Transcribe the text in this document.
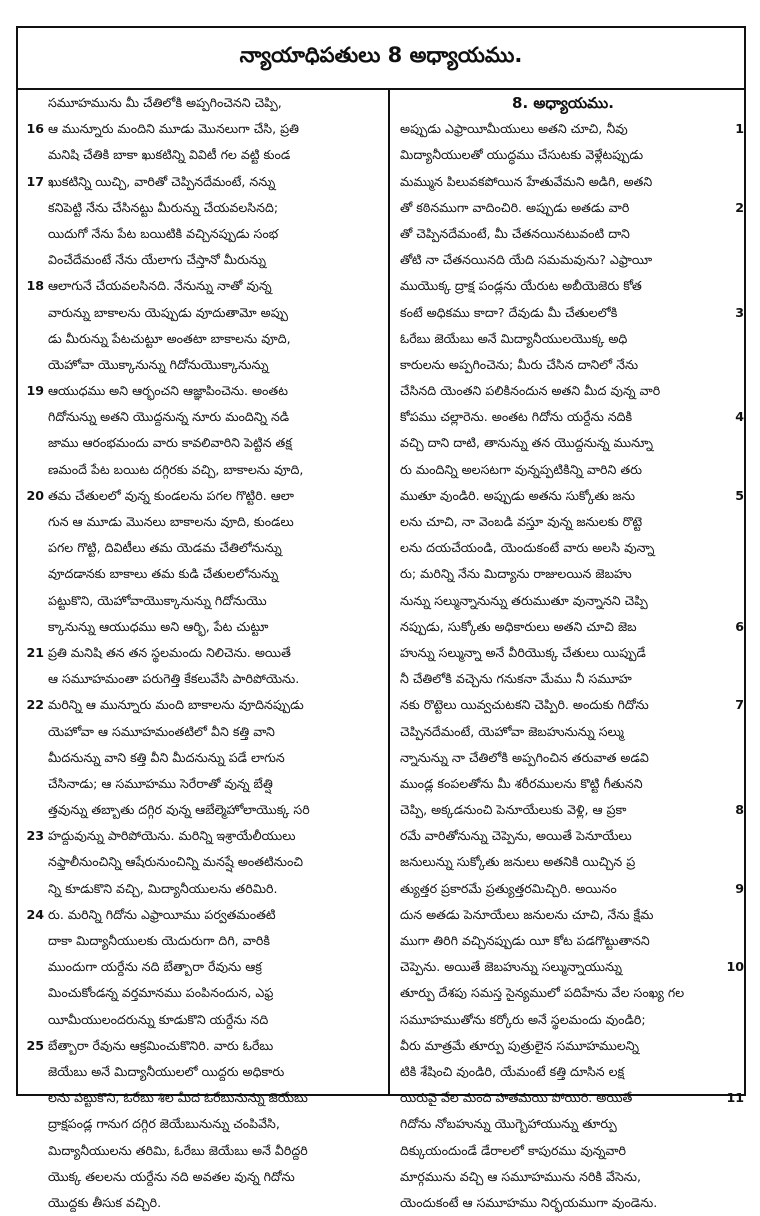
న్యాయాధిపతులు 8 అధ్యాయము.
సమూహమును మీ చేతిలోకి అప్పగించెనని చెప్పి,
16 ఆ మున్నూరు మందిని మూడు మొనలుగా చేసి, ప్రతి
మనిషి చేతికి బాకా ఖుకటిన్ని వివిటీ గల వట్టి కుండ
17 ఖుకటిన్ని యిచ్చి, వారితో చెప్పినదేమంటే, నన్ను
కనిపెట్టి నేను చేసినట్టు మీరున్ను చేయవలసినది;
యిదుగో నేను పేట బయిటికి వచ్చినప్పుడు సంభ
వించేదేమంటే నేను యేలాగు చేస్తానో మీరున్ను
18 ఆలాగునే చేయవలసినది. నేనున్ను నాతో వున్న
వారున్ను బాకాలను యెప్పుడు వూదుతామో అప్పు
డు మీరున్ను పేటచుట్టూ అంతటా బాకాలను వూది,
యెహోవా యొక్కానున్ను గిదోనుయొక్కానున్ను
19 ఆయుధము అని ఆర్భంచని ఆజ్ఞాపించెను. అంతట
గిదోనున్ను అతని యొద్దనున్న నూరు మందిన్ని నడి
జాము ఆరంభమందు వారు కావలివారిని పెట్టిన తక్ష
ణమందే పేట బయిట దగ్గిరకు వచ్చి, బాకాలను వూది,
20 తమ చేతులలో వున్న కుండలను పగల గొట్టిరి. ఆలా
గున ఆ మూడు మొనలు బాకాలను వూది, కుండలు
పగల గొట్టి, దివిటీలు తమ యెడమ చేతిలోనున్ను
వూదడానకు బాకాలు తమ కుడి చేతులలోనున్ను
పట్టుకొని, యెహోవాయొక్కానున్ను గిదోనుయొ
క్కానున్ను ఆయుధము అని ఆర్భి, పేట చుట్టూ
21 ప్రతి మనిషి తన తన స్థలమందు నిలిచెను. అయితే
ఆ సమూహమంతా పరుగెత్తి కేకలువేసి పారిపోయెను.
22 మరిన్ని ఆ మున్నూరు మంది బాకాలను వూదినప్పుడు
యెహోవా ఆ సమూహమంతటిలో వీని కత్తి వాని
మీదనున్ను వాని కత్తి వీని మీదనున్ను పడే లాగున
చేసినాడు; ఆ సమూహము సెరేరాతో వున్న బేత్షి
త్తవున్ను తబ్బాతు దగ్గిర వున్న ఆబేల్మెహోలాయొక్క సరి
23 హద్దువున్ను పారిపోయెను. మరిన్ని ఇశ్రాయేలీయులు
నఫ్తాలీనుంచిన్ని ఆషేరునుంచిన్ని మనష్షే అంతటినుంచి
న్ని కూడుకొని వచ్చి, మిద్యానీయులను తరిమిరి.
24 రు. మరిన్ని గిదోను ఎఫ్రాయీము పర్వతమంతటి
దాకా మిద్యానీయులకు యెదురుగా దిగి, వారికి
ముందుగా యర్దేను నది బేత్బారా రేవును ఆక్ర
మించుకోండన్న వర్తమానము పంపినందున, ఎఫ్ర
యీమీయులందరున్ను కూడుకొని యర్దేను నది
25 బేత్బారా రేవును ఆక్రమించుకొనిరి. వారు ఓరేబు
జెయేబు అనే మిద్యానీయులలో యిద్దరు అధికారు
లను పట్టుకొని, ఓరేబు శిల మీద ఓరేబునున్ను జెయేబు
ద్రాక్షపండ్ల గానుగ దగ్గిర జెయేబునున్ను చంపివేసి,
మిద్యానీయులను తరిమి, ఓరేబు జెయేబు అనే వీరిద్దరి
యొక్క తలలను యర్దేను నది అవతల వున్న గిదోను
యొద్దకు తీసుక వచ్చిరి.
8. అధ్యాయము.
అప్పుడు ఎఫ్రాయీమీయులు అతని చూచి, నీవు	1
మిద్యానీయులతో యుద్ధము చేసుటకు వెళ్లేటప్పుడు
మమ్మున పిలువకపోయిన హేతువేమని అడిగి, అతని
తో కఠినముగా వాదించిరి. అప్పుడు అతడు వారి	2
తో చెప్పినదేమంటే, మీ చేతనయినటువంటి దాని
తోటి నా చేతనయినది యేది సమమవును? ఎఫ్రాయీ
ముయొక్క ద్రాక్ష పండ్లను యేరుట అబీయెజెరు కోత
కంటే అధికము కాదా? దేవుడు మీ చేతులలోకి	3
ఓరేబు జెయేబు అనే మిద్యానీయులయొక్క అధి
కారులను అప్పగించెను; మీరు చేసిన దానిలో నేను
చేసినది యెంతని పలికినందున అతని మీద వున్న వారి
కోపము చల్లారెను. అంతట గిదోను యర్దేను నదికి	4
వచ్చి దాని దాటి, తానున్ను తన యొద్దనున్న మున్నూ
రు మందిన్ని అలసటగా వున్నప్పటికిన్ని వారిని తరు
ముతూ వుండిరి. అప్పుడు అతను సుక్కోతు జను	5
లను చూచి, నా వెంబడి వస్తూ వున్న జనులకు రొట్టె
లను దయచేయండి, యెందుకంటే వారు అలసి వున్నా
రు; మరిన్ని నేను మిద్యాను రాజులయిన జెబహు
నున్ను సల్మున్నానున్ను తరుముతూ వున్నానని చెప్పి
నప్పుడు, సుక్కోతు అధికారులు అతని చూచి జెబ	6
హున్ను సల్మున్నా అనే వీరియొక్క చేతులు యిప్పుడే
నీ చేతిలోకి వచ్చెను గనుకనా మేము నీ సమూహ
నకు రొట్టెలు యివ్వచుటకని చెప్పిరి. అందుకు గిదోను	7
చెప్పినదేమంటే, యెహోవా జెబహునున్ను సల్ము
న్నానున్ను నా చేతిలోకి అప్పగించిన తరువాత అడవి
ముండ్ల కంపలతోను మీ శరీరములను కొట్టి గీతునని
చెప్పి, అక్కడనుంచి పెనూయేలుకు వెళ్లి, ఆ ప్రకా	8
రమే వారితోనున్ను చెప్పెను, అయితే పెనూయేలు
జనులున్ను సుక్కోతు జనులు అతనికి యిచ్చిన ప్ర
త్యుత్తర ప్రకారమే ప్రత్యుత్తరమిచ్చిరి. అయినం	9
దున అతడు పెనూయేలు జనులను చూచి, నేను క్షేమ
ముగా తిరిగి వచ్చినప్పుడు యీ కోట పడగొట్టుతానని
చెప్పెను. అయితే జెబహున్ను సల్మున్నాయున్ను	10
తూర్పు దేశపు సమస్త సైన్యములో పదిహేను వేల సంఖ్య గల
సమూహముతోను కర్కోరు అనే స్థలమందు వుండిరి;
వీరు మాత్రమే తూర్పు పుత్రులైన సమూహములన్ని
టికి శేషించి వుండిరి, యేమంటే కత్తి దూసిన లక్ష
యిరువై వేల మంది హతమయి పోయిరి. అయితే	11
గిదోను నోబహున్ను యొగ్బెహాయున్ను తూర్పు
దిక్కుయందుండే డేరాలలో కాపురము వున్నవారి
మార్గమును వచ్చి ఆ సమూహమును నరికి వేసెను,
యెందుకంటే ఆ సమూహము నిర్భయముగా వుండెను.
